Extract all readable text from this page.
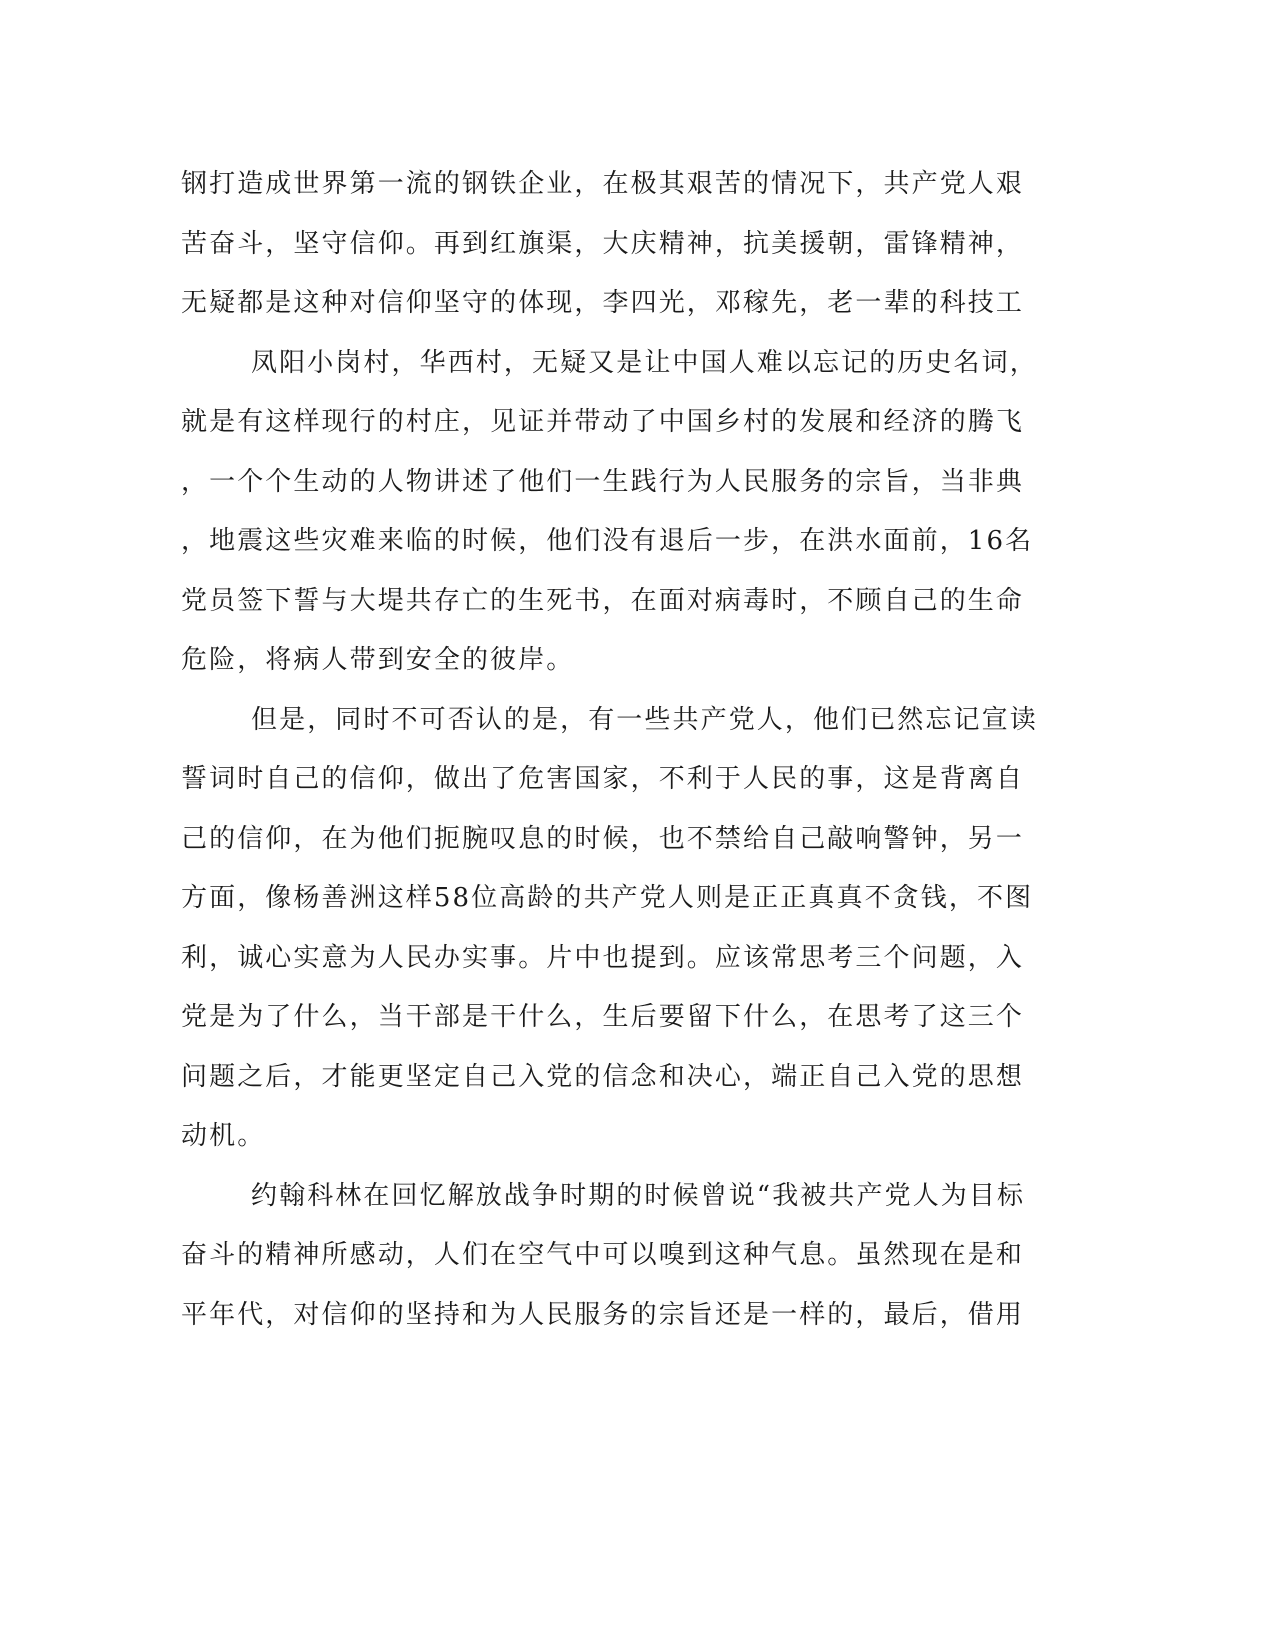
钢打造成世界第一流的钢铁企业，在极其艰苦的情况下，共产党人艰
苦奋斗，坚守信仰。再到红旗渠，大庆精神，抗美援朝，雷锋精神，
无疑都是这种对信仰坚守的体现，李四光，邓稼先，老一辈的科技工
凤阳小岗村，华西村，无疑又是让中国人难以忘记的历史名词，
就是有这样现行的村庄，见证并带动了中国乡村的发展和经济的腾飞
，一个个生动的人物讲述了他们一生践行为人民服务的宗旨，当非典
，地震这些灾难来临的时候，他们没有退后一步，在洪水面前，16名
党员签下誓与大堤共存亡的生死书，在面对病毒时，不顾自己的生命
危险，将病人带到安全的彼岸。
但是，同时不可否认的是，有一些共产党人，他们已然忘记宣读
誓词时自己的信仰，做出了危害国家，不利于人民的事，这是背离自
己的信仰，在为他们扼腕叹息的时候，也不禁给自己敲响警钟，另一
方面，像杨善洲这样58位高龄的共产党人则是正正真真不贪钱，不图
利，诚心实意为人民办实事。片中也提到。应该常思考三个问题，入
党是为了什么，当干部是干什么，生后要留下什么，在思考了这三个
问题之后，才能更坚定自己入党的信念和决心，端正自己入党的思想
动机。
约翰科林在回忆解放战争时期的时候曾说“我被共产党人为目标
奋斗的精神所感动，人们在空气中可以嗅到这种气息。虽然现在是和
平年代，对信仰的坚持和为人民服务的宗旨还是一样的，最后，借用
